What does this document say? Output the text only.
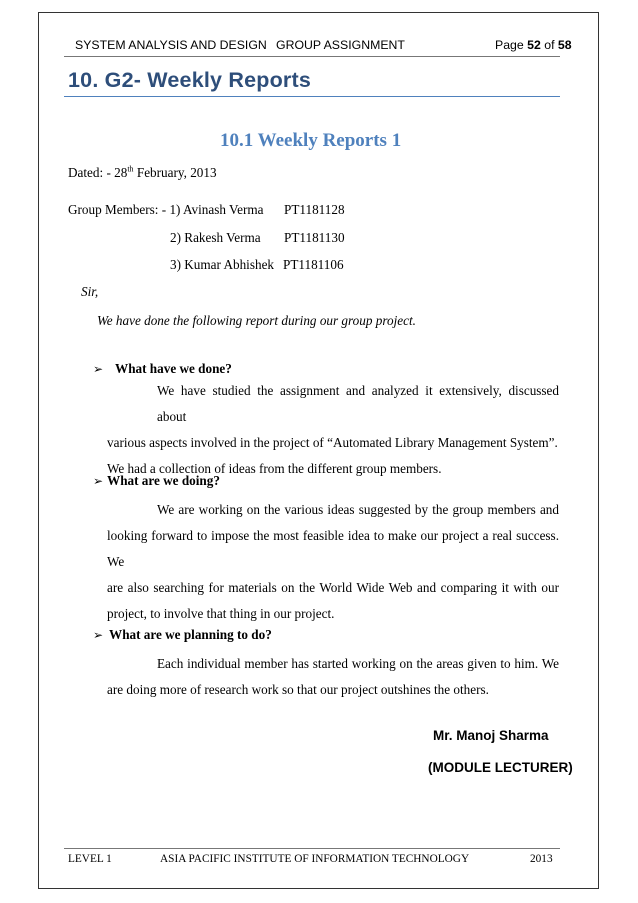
SYSTEM ANALYSIS AND DESIGN GROUP ASSIGNMENT	Page 52 of 58
10. G2- Weekly Reports
10.1 Weekly Reports 1
Dated: - 28th February, 2013
Group Members: - 1) Avinash Verma PT1181128
2) Rakesh Verma PT1181130
3) Kumar Abhishek PT1181106
Sir,
We have done the following report during our group project.
➢ What have we done?

We have studied the assignment and analyzed it extensively, discussed about

various aspects involved in the project of “Automated Library Management System”.

We had a collection of ideas from the different group members.

➢ What are we doing?

We are working on the various ideas suggested by the group members and

looking forward to impose the most feasible idea to make our project a real success. We

are also searching for materials on the World Wide Web and comparing it with our

project, to involve that thing in our project.

➢ What are we planning to do?

Each individual member has started working on the areas given to him. We

are doing more of research work so that our project outshines the others.

Mr. Manoj Sharma
(MODULE LECTURER)
LEVEL 1	ASIA PACIFIC INSTITUTE OF INFORMATION TECHNOLOGY	2013
